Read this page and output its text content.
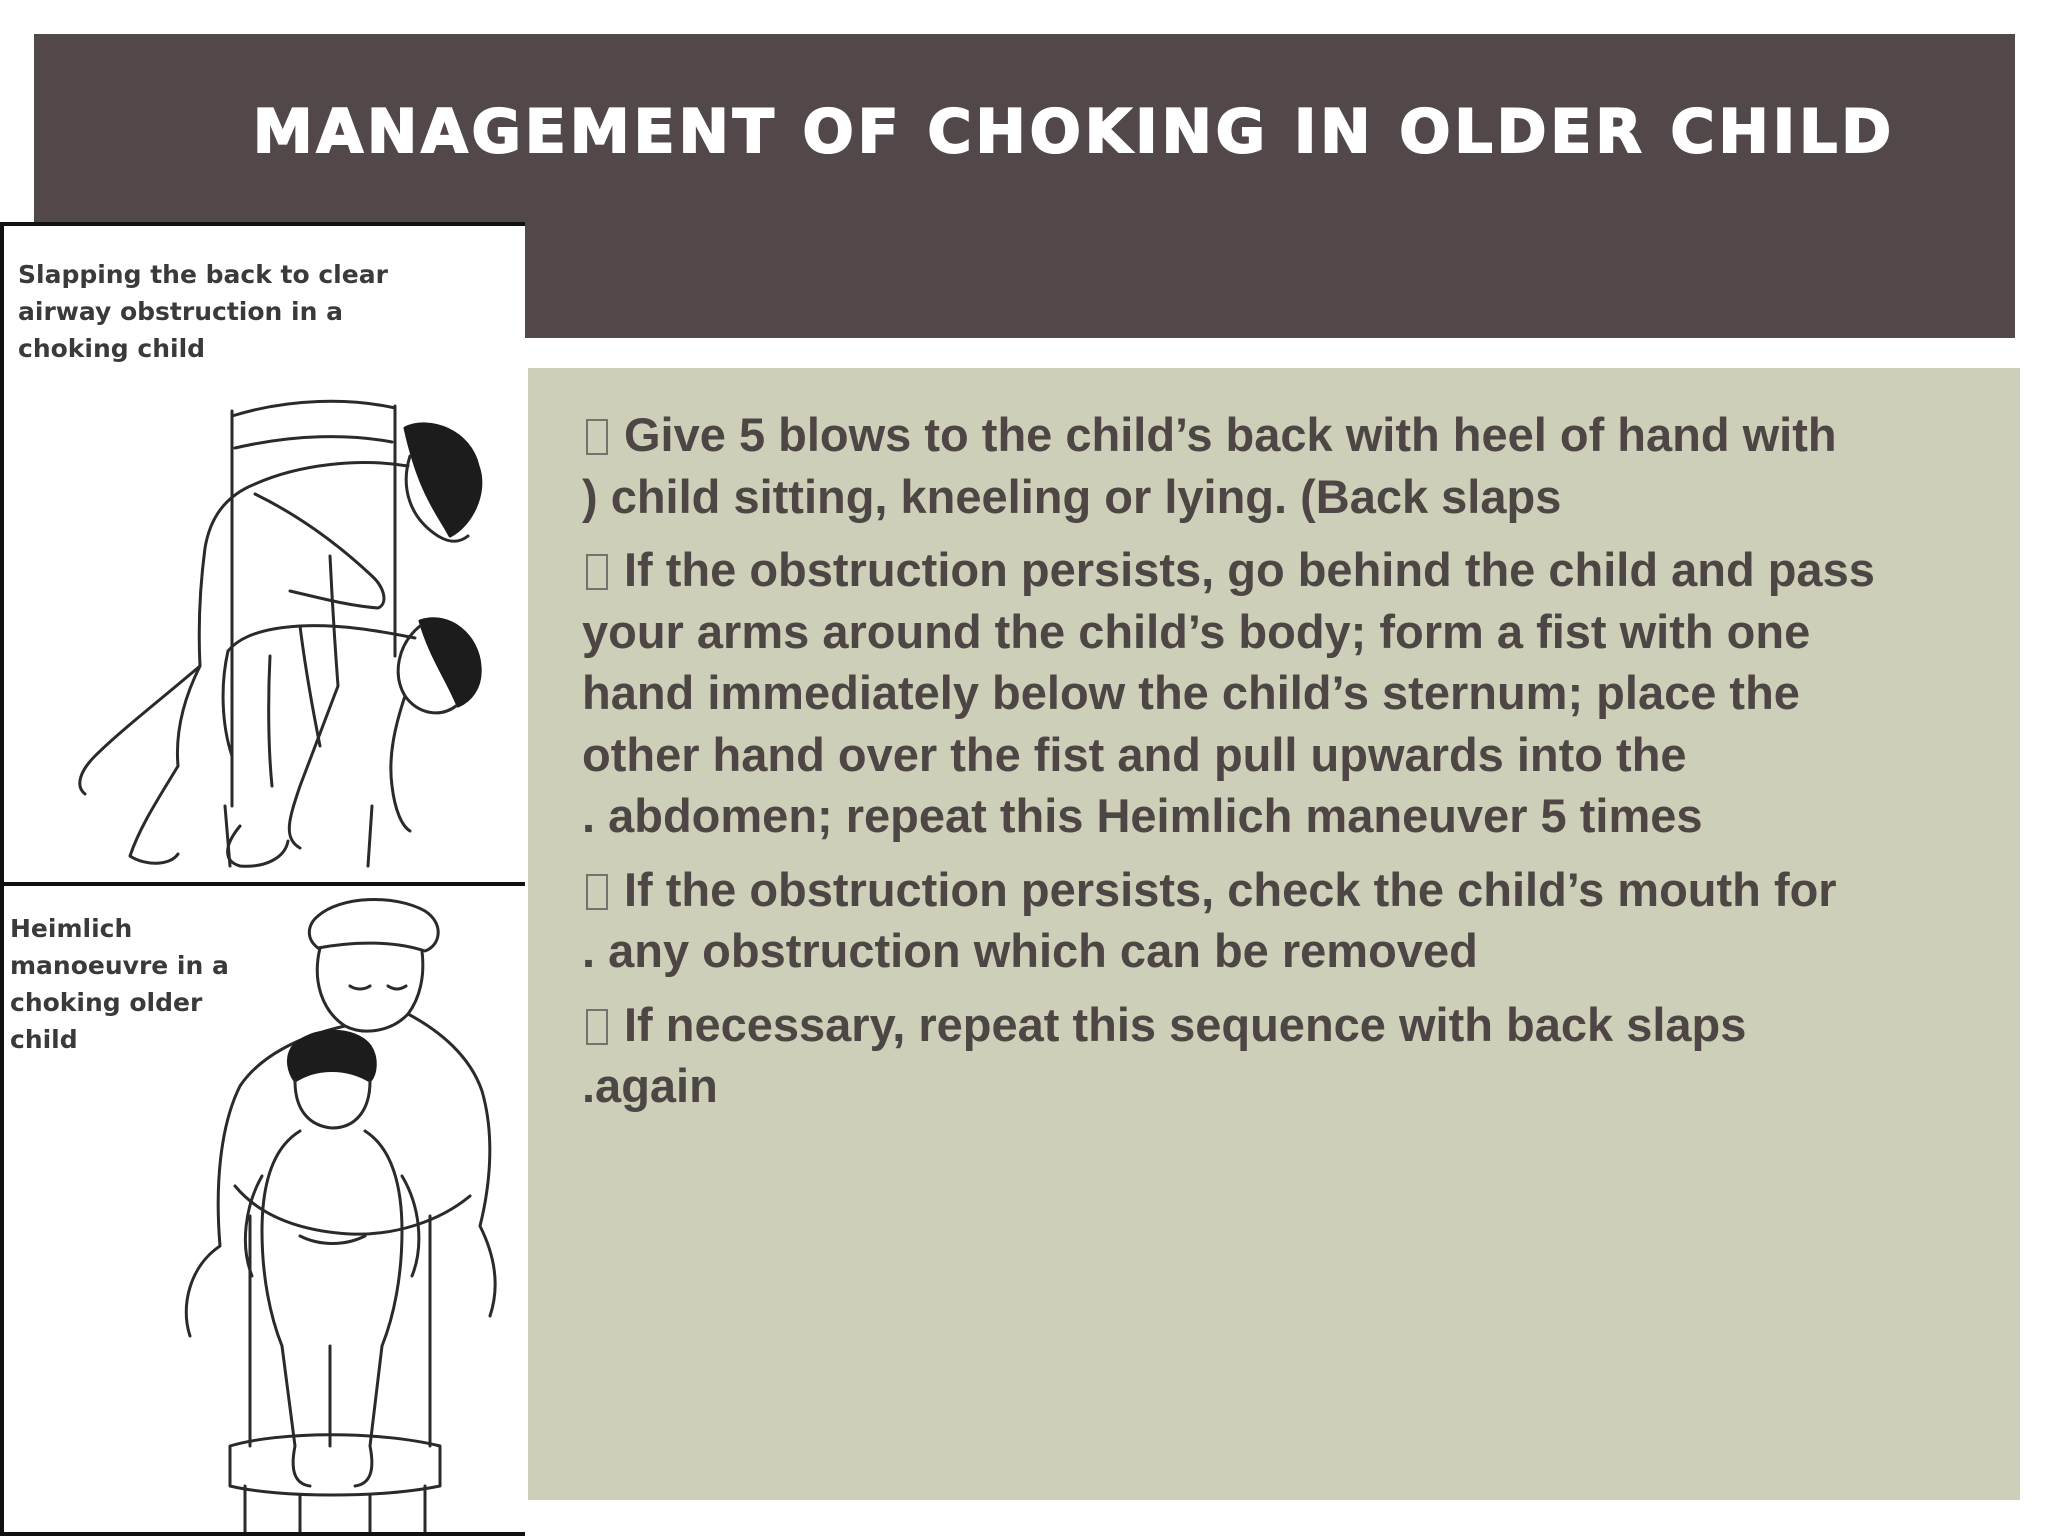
MANAGEMENT OF CHOKING IN OLDER CHILD

Slapping the back to clear
airway obstruction in a
choking child

Heimlich
manoeuvre in a
choking older
child

Give 5 blows to the child’s back with heel of hand with
) child sitting, kneeling or lying. (Back slaps
If the obstruction persists, go behind the child and pass
your arms around the child’s body; form a fist with one
hand immediately below the child’s sternum; place the
other hand over the fist and pull upwards into the
. abdomen; repeat this Heimlich maneuver 5 times
If the obstruction persists, check the child’s mouth for
. any obstruction which can be removed
If necessary, repeat this sequence with back slaps
.again
